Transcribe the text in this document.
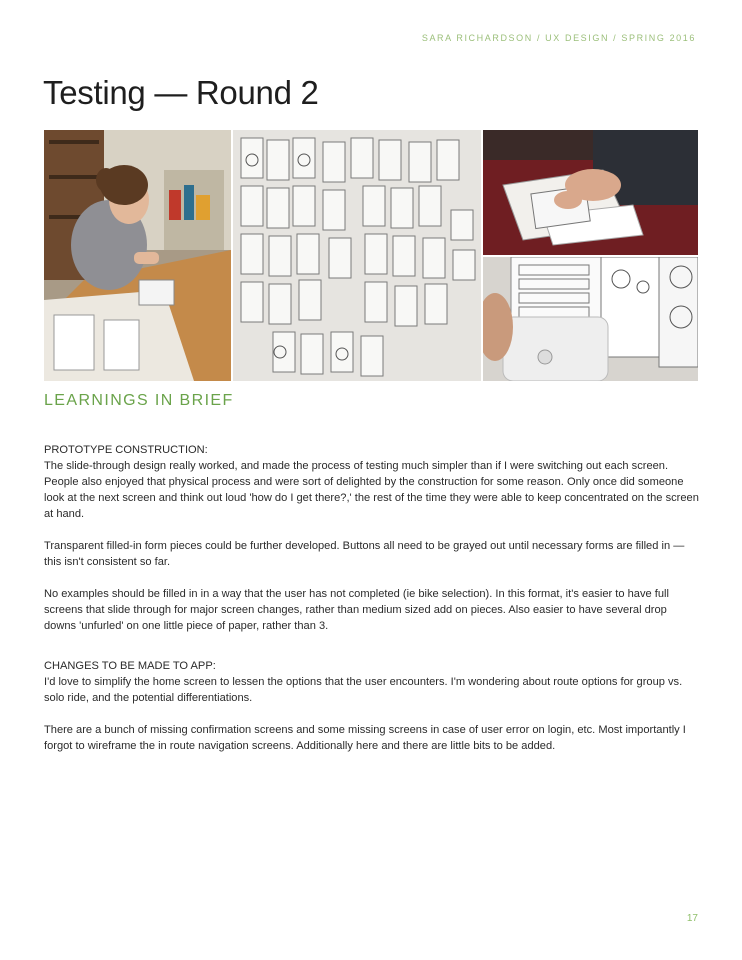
SARA RICHARDSON / UX DESIGN / SPRING 2016
Testing — Round 2
LEARNINGS IN BRIEF
PROTOTYPE CONSTRUCTION:

The slide-through design really worked, and made the process of testing much simpler than if I were switching out each screen. People also enjoyed that physical process and were sort of delighted by the construction for some reason. Only once did someone look at the next screen and think out loud 'how do I get there?,' the rest of the time they were able to keep concentrated on the screen at hand.

Transparent filled-in form pieces could be further developed. Buttons all need to be grayed out until necessary forms are filled in — this isn't consistent so far.

No examples should be filled in in a way that the user has not completed (ie bike selection). In this format, it's easier to have full screens that slide through for major screen changes, rather than medium sized add on pieces. Also easier to have several drop downs 'unfurled' on one little piece of paper, rather than 3.

CHANGES TO BE MADE TO APP:

I'd love to simplify the home screen to lessen the options that the user encounters. I'm wondering about route options for group vs. solo ride, and the potential differentiations.

There are a bunch of missing confirmation screens and some missing screens in case of user error on login, etc. Most importantly I forgot to wireframe the in route navigation screens. Additionally here and there are little bits to be added.

17
